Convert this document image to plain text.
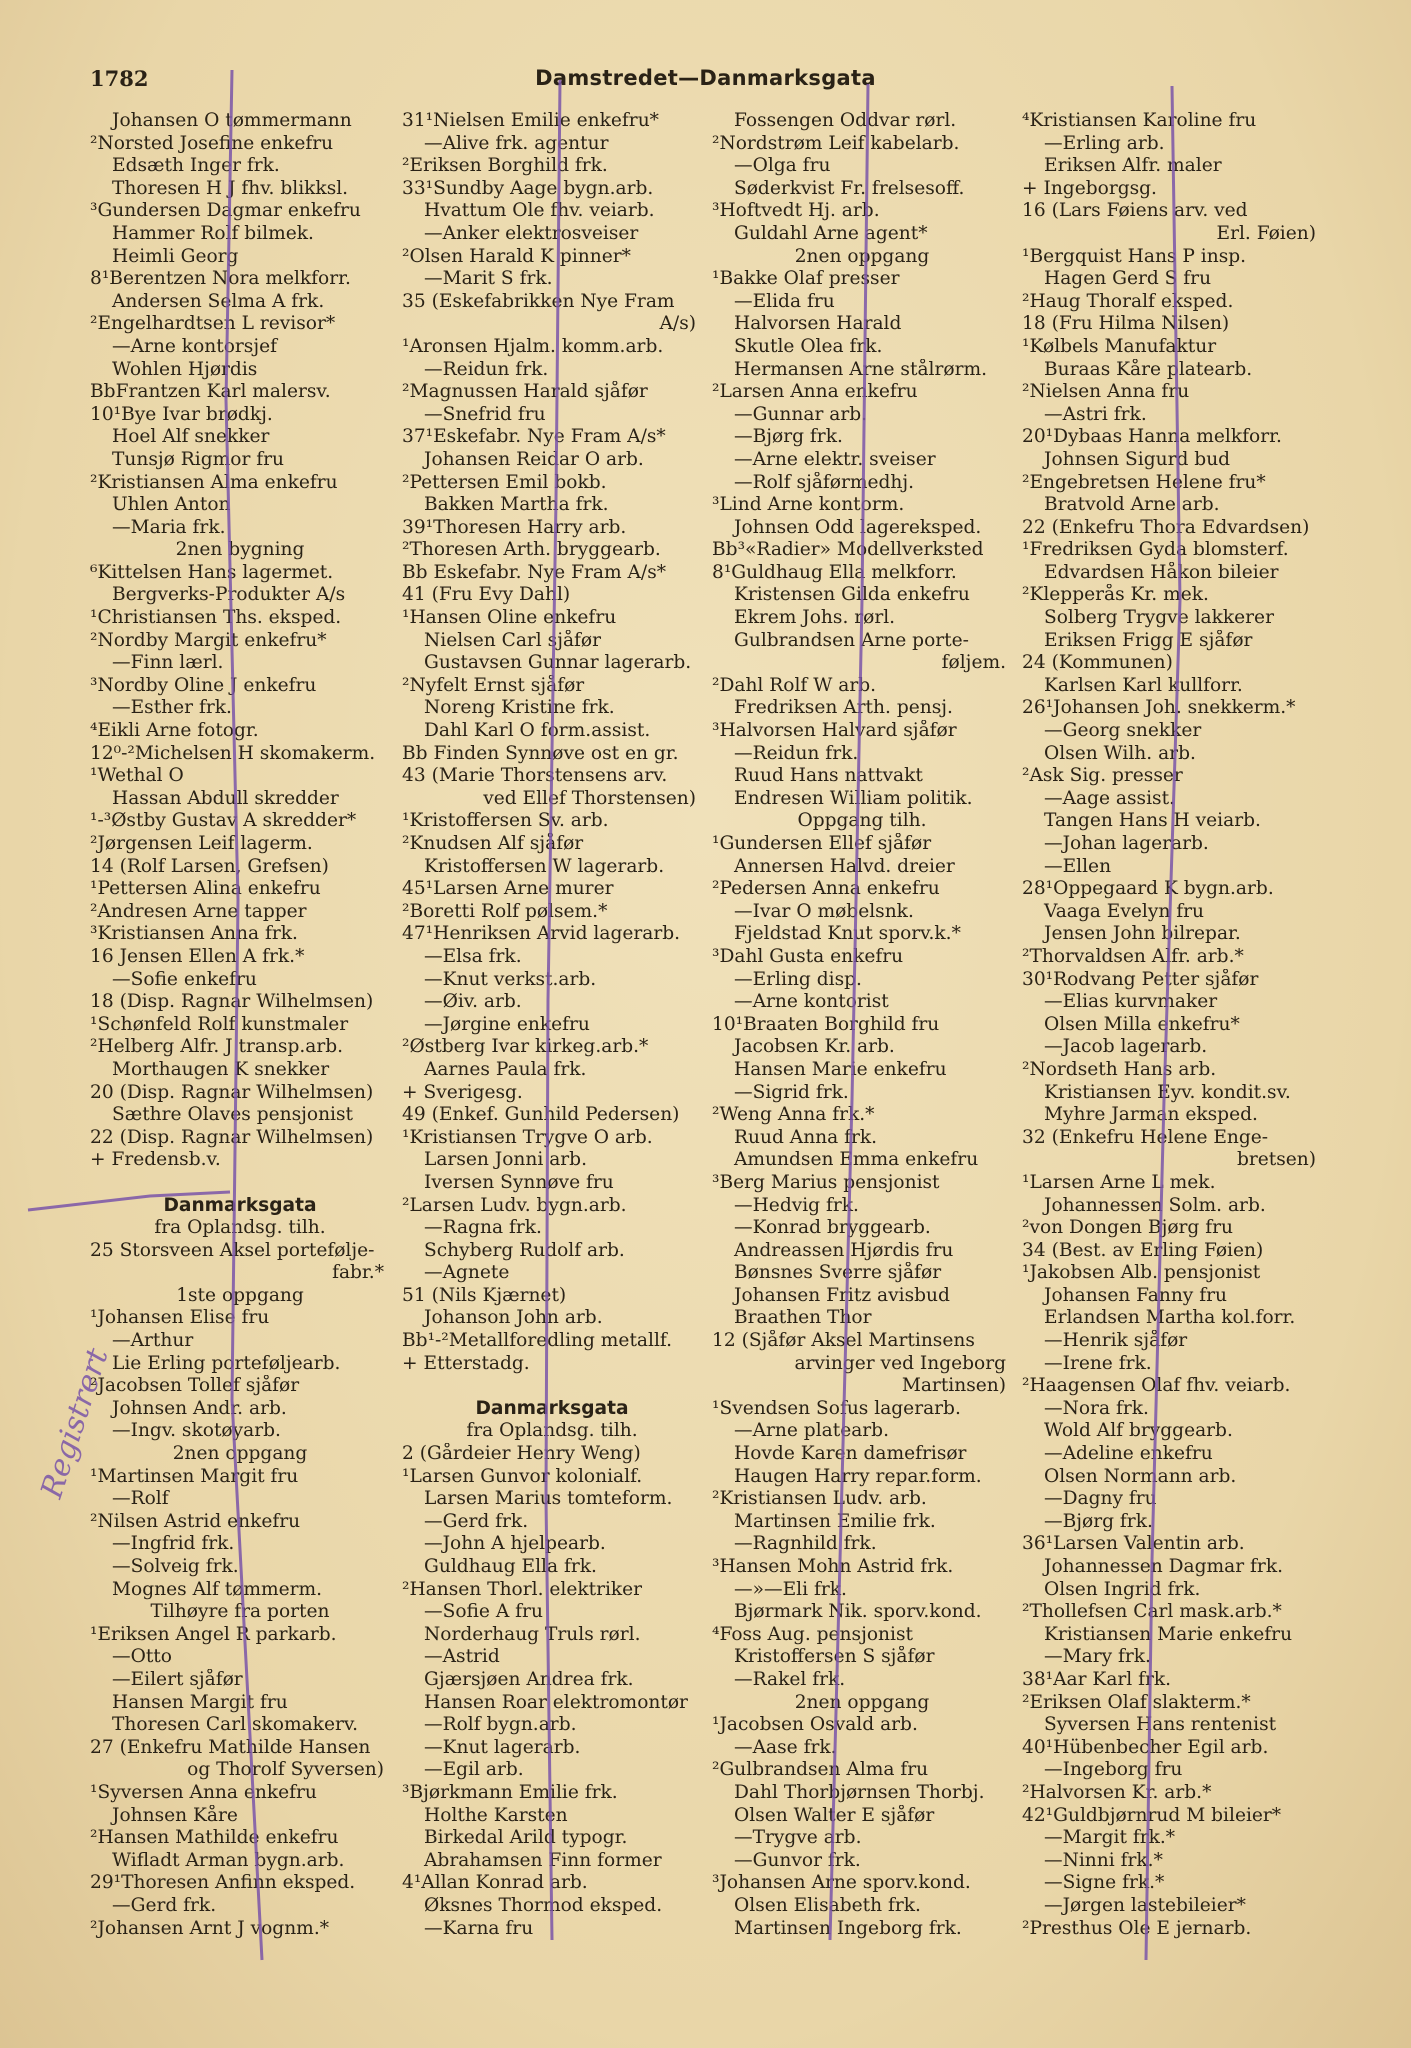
1782	Damstredet—Danmarksgata
Johansen O tømmermann
²Norsted Josefine enkefru
Edsæth Inger frk.
Thoresen H J fhv. blikksl.
³Gundersen Dagmar enkefru
Hammer Rolf bilmek.
Heimli Georg
8¹Berentzen Nora melkforr.
Andersen Selma A frk.
²Engelhardtsen L revisor*
—Arne kontorsjef
Wohlen Hjørdis
BbFrantzen Karl malersv.
10¹Bye Ivar brødkj.
Hoel Alf snekker
Tunsjø Rigmor fru
²Kristiansen Alma enkefru
Uhlen Anton
—Maria frk.
2nen bygning
⁶Kittelsen Hans lagermet.
Bergverks-Produkter A/s
¹Christiansen Ths. eksped.
²Nordby Margit enkefru*
—Finn lærl.
³Nordby Oline J enkefru
—Esther frk.
⁴Eikli Arne fotogr.
12⁰-²Michelsen H skomakerm.
¹Wethal O
Hassan Abdull skredder
¹-³Østby Gustav A skredder*
²Jørgensen Leif lagerm.
14 (Rolf Larsen, Grefsen)
¹Pettersen Alina enkefru
²Andresen Arne tapper
³Kristiansen Anna frk.
16 Jensen Ellen A frk.*
—Sofie enkefru
18 (Disp. Ragnar Wilhelmsen)
¹Schønfeld Rolf kunstmaler
²Helberg Alfr. J transp.arb.
Morthaugen K snekker
20 (Disp. Ragnar Wilhelmsen)
Sæthre Olaves pensjonist
22 (Disp. Ragnar Wilhelmsen)
+ Fredensb.v.
Danmarksgata
fra Oplandsg. tilh.
25 Storsveen Aksel porteføljе-
fabr.*
1ste oppgang
¹Johansen Elise fru
—Arthur
Lie Erling porteføljearb.
²Jacobsen Tollef sjåfør
Johnsen Andr. arb.
—Ingv. skotøyarb.
2nen oppgang
¹Martinsen Margit fru
—Rolf
²Nilsen Astrid enkefru
—Ingfrid frk.
—Solveig frk.
Mognes Alf tømmerm.
Tilhøyre fra porten
¹Eriksen Angel R parkarb.
—Otto
—Eilert sjåfør
Hansen Margit fru
Thoresen Carl skomakerv.
27 (Enkefru Mathilde Hansen
og Thorolf Syversen)
¹Syversen Anna enkefru
Johnsen Kåre
²Hansen Mathilde enkefru
Wifladt Arman bygn.arb.
29¹Thoresen Anfinn eksped.
—Gerd frk.
²Johansen Arnt J vognm.*
31¹Nielsen Emilie enkefru*
—Alive frk. agentur
²Eriksen Borghild frk.
33¹Sundby Aage bygn.arb.
Hvattum Ole fhv. veiarb.
—Anker elektrosveiser
²Olsen Harald K pinner*
—Marit S frk.
35 (Eskefabrikken Nye Fram
A/s)
¹Aronsen Hjalm. komm.arb.
—Reidun frk.
²Magnussen Harald sjåfør
—Snefrid fru
37¹Eskefabr. Nye Fram A/s*
Johansen Reidar O arb.
²Pettersen Emil bokb.
Bakken Martha frk.
39¹Thoresen Harry arb.
²Thoresen Arth. bryggearb.
Bb Eskefabr. Nye Fram A/s*
41 (Fru Evy Dahl)
¹Hansen Oline enkefru
Nielsen Carl sjåfør
Gustavsen Gunnar lagerarb.
²Nyfelt Ernst sjåfør
Noreng Kristine frk.
Dahl Karl O form.assist.
Bb Finden Synnøve ost en gr.
43 (Marie Thorstensens arv.
ved Ellef Thorstensen)
¹Kristoffersen Sv. arb.
²Knudsen Alf sjåfør
Kristoffersen W lagerarb.
45¹Larsen Arne murer
²Boretti Rolf pølsem.*
47¹Henriksen Arvid lagerarb.
—Elsa frk.
—Knut verkst.arb.
—Øiv. arb.
—Jørgine enkefru
²Østberg Ivar kirkeg.arb.*
Aarnes Paula frk.
+ Sverigesg.
49 (Enkef. Gunhild Pedersen)
¹Kristiansen Trygve O arb.
Larsen Jonni arb.
Iversen Synnøve fru
²Larsen Ludv. bygn.arb.
—Ragna frk.
Schyberg Rudolf arb.
—Agnete
51 (Nils Kjærnet)
Johanson John arb.
Bb¹-²Metallforedling metallf.
+ Etterstadg.
Danmarksgata
fra Oplandsg. tilh.
2 (Gårdeier Henry Weng)
¹Larsen Gunvor kolonialf.
Larsen Marius tomteform.
—Gerd frk.
—John A hjelpearb.
Guldhaug Ella frk.
²Hansen Thorl. elektriker
—Sofie A fru
Norderhaug Truls rørl.
—Astrid
Gjærsjøen Andrea frk.
Hansen Roar elektromontør
—Rolf bygn.arb.
—Knut lagerarb.
—Egil arb.
³Bjørkmann Emilie frk.
Holthe Karsten
Birkedal Arild typogr.
Abrahamsen Finn former
4¹Allan Konrad arb.
Øksnes Thormod eksped.
—Karna fru
Fossengen Oddvar rørl.
²Nordstrøm Leif kabelarb.
—Olga fru
Søderkvist Fr. frelsesoff.
³Hoftvedt Hj. arb.
Guldahl Arne agent*
2nen oppgang
¹Bakke Olaf presser
—Elida fru
Halvorsen Harald
Skutle Olea frk.
Hermansen Arne stålrørm.
²Larsen Anna enkefru
—Gunnar arb.
—Bjørg frk.
—Arne elektr. sveiser
—Rolf sjåførmedhj.
³Lind Arne kontorm.
Johnsen Odd lagereksped.
Bb³«Radier» Modellverksted
8¹Guldhaug Ella melkforr.
Kristensen Gilda enkefru
Ekrem Johs. rørl.
Gulbrandsen Arne porte-
føljem.
²Dahl Rolf W arb.
Fredriksen Arth. pensj.
³Halvorsen Halvard sjåfør
—Reidun frk.
Ruud Hans nattvakt
Endresen William politik.
Oppgang tilh.
¹Gundersen Ellef sjåfør
Annersen Halvd. dreier
²Pedersen Anna enkefru
—Ivar O møbelsnk.
Fjeldstad Knut sporv.k.*
³Dahl Gusta enkefru
—Erling disp.
—Arne kontorist
10¹Braaten Borghild fru
Jacobsen Kr. arb.
Hansen Marie enkefru
—Sigrid frk.
²Weng Anna frk.*
Ruud Anna frk.
Amundsen Emma enkefru
³Berg Marius pensjonist
—Hedvig frk.
—Konrad bryggearb.
Andreassen Hjørdis fru
Bønsnes Sverre sjåfør
Johansen Fritz avisbud
Braathen Thor
12 (Sjåfør Aksel Martinsens
arvinger ved Ingeborg
Martinsen)
¹Svendsen Sofus lagerarb.
—Arne platearb.
Hovde Karen damefrisør
Haugen Harry repar.form.
²Kristiansen Ludv. arb.
Martinsen Emilie frk.
—Ragnhild frk.
³Hansen Mohn Astrid frk.
—»—Eli frk.
Bjørmark Nik. sporv.kond.
⁴Foss Aug. pensjonist
Kristoffersen S sjåfør
—Rakel frk.
2nen oppgang
¹Jacobsen Osvald arb.
—Aase frk.
²Gulbrandsen Alma fru
Dahl Thorbjørnsen Thorbj.
Olsen Walter E sjåfør
—Trygve arb.
—Gunvor frk.
³Johansen Arne sporv.kond.
Olsen Elisabeth frk.
Martinsen Ingeborg frk.
⁴Kristiansen Karoline fru
—Erling arb.
Eriksen Alfr. maler
+ Ingeborgsg.
16 (Lars Føiens arv. ved
Erl. Føien)
¹Bergquist Hans P insp.
Hagen Gerd S fru
²Haug Thoralf eksped.
18 (Fru Hilma Nilsen)
¹Kølbels Manufaktur
Buraas Kåre platearb.
²Nielsen Anna fru
—Astri frk.
20¹Dybaas Hanna melkforr.
Johnsen Sigurd bud
²Engebretsen Helene fru*
Bratvold Arne arb.
22 (Enkefru Thora Edvardsen)
¹Fredriksen Gyda blomsterf.
Edvardsen Håkon bileier
²Klepperås Kr. mek.
Solberg Trygve lakkerer
Eriksen Frigg E sjåfør
24 (Kommunen)
Karlsen Karl kullforr.
26¹Johansen Joh. snekkerm.*
—Georg snekker
Olsen Wilh. arb.
²Ask Sig. presser
—Aage assist.
Tangen Hans H veiarb.
—Johan lagerarb.
—Ellen
28¹Oppegaard K bygn.arb.
Vaaga Evelyn fru
Jensen John bilrepar.
²Thorvaldsen Alfr. arb.*
30¹Rodvang Petter sjåfør
—Elias kurvmaker
Olsen Milla enkefru*
—Jacob lagerarb.
²Nordseth Hans arb.
Kristiansen Eyv. kondit.sv.
Myhre Jarman eksped.
32 (Enkefru Helene Enge-
bretsen)
¹Larsen Arne L mek.
Johannessen Solm. arb.
²von Dongen Bjørg fru
34 (Best. av Erling Føien)
¹Jakobsen Alb. pensjonist
Johansen Fanny fru
Erlandsen Martha kol.forr.
—Henrik sjåfør
—Irene frk.
²Haagensen Olaf fhv. veiarb.
—Nora frk.
Wold Alf bryggearb.
—Adeline enkefru
Olsen Normann arb.
—Dagny fru
—Bjørg frk.
36¹Larsen Valentin arb.
Johannessen Dagmar frk.
Olsen Ingrid frk.
²Thollefsen Carl mask.arb.*
Kristiansen Marie enkefru
—Mary frk.
38¹Aar Karl frk.
²Eriksen Olaf slakterm.*
Syversen Hans rentenist
40¹Hübenbecher Egil arb.
—Ingeborg fru
²Halvorsen Kr. arb.*
42¹Guldbjørnrud M bileier*
—Margit frk.*
—Ninni frk.*
—Signe frk.*
—Jørgen lastebileier*
²Presthus Ole E jernarb.
Registrert
